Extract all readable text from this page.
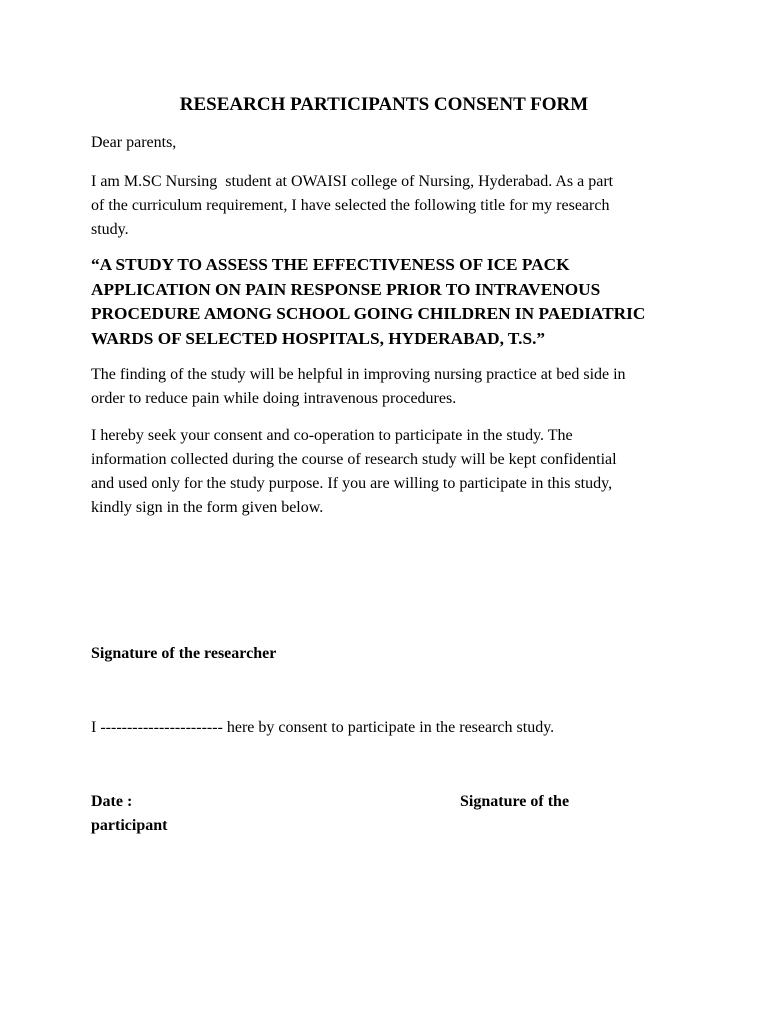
RESEARCH PARTICIPANTS CONSENT FORM
Dear parents,
I am M.SC Nursing  student at OWAISI college of Nursing, Hyderabad. As a part
of the curriculum requirement, I have selected the following title for my research
study.
“A STUDY TO ASSESS THE EFFECTIVENESS OF ICE PACK
APPLICATION ON PAIN RESPONSE PRIOR TO INTRAVENOUS
PROCEDURE AMONG SCHOOL GOING CHILDREN IN PAEDIATRIC
WARDS OF SELECTED HOSPITALS, HYDERABAD, T.S.”
The finding of the study will be helpful in improving nursing practice at bed side in
order to reduce pain while doing intravenous procedures.
I hereby seek your consent and co-operation to participate in the study. The
information collected during the course of research study will be kept confidential
and used only for the study purpose. If you are willing to participate in this study,
kindly sign in the form given below.
Signature of the researcher
I ----------------------- here by consent to participate in the research study.
Date :	Signature of the
participant
